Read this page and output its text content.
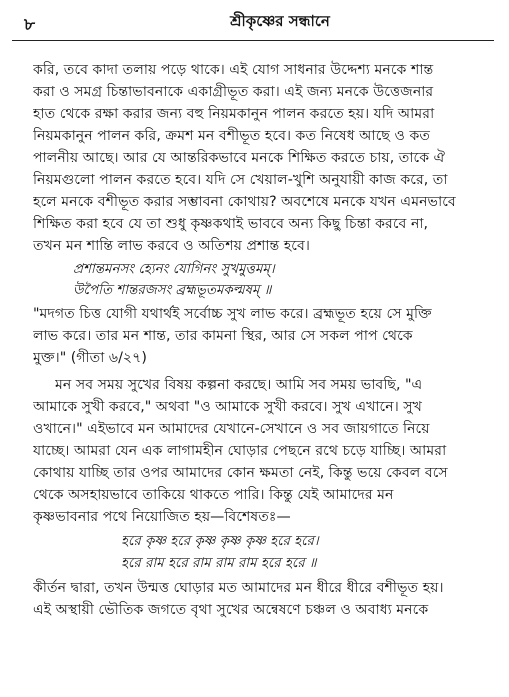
৮	শ্রীকৃষ্ণের সন্ধানে
করি, তবে কাদা তলায় পড়ে থাকে। এই যোগ সাধনার উদ্দেশ্য মনকে শান্ত
করা ও সমগ্র চিন্তাভাবনাকে একাগ্রীভূত করা। এই জন্য মনকে উত্তেজনার
হাত থেকে রক্ষা করার জন্য বহু নিয়মকানুন পালন করতে হয়। যদি আমরা
নিয়মকানুন পালন করি, ক্রমশ মন বশীভূত হবে। কত নিষেধ আছে ও কত
পালনীয় আছে। আর যে আন্তরিকভাবে মনকে শিক্ষিত করতে চায়, তাকে ঐ
নিয়মগুলো পালন করতে হবে। যদি সে খেয়াল-খুশি অনুযায়ী কাজ করে, তা
হলে মনকে বশীভূত করার সম্ভাবনা কোথায়? অবশেষে মনকে যখন এমনভাবে
শিক্ষিত করা হবে যে তা শুধু কৃষ্ণকথাই ভাববে অন্য কিছু চিন্তা করবে না,
তখন মন শান্তি লাভ করবে ও অতিশয় প্রশান্ত হবে।
প্রশান্তমনসং হ্যেনং যোগিনং সুখমুত্তমম্।
উপৈতি শান্তরজসং ব্রহ্মভূতমকল্মষম্ ॥
"মদগত চিত্ত যোগী যথার্থই সর্বোচ্চ সুখ লাভ করে। ব্রহ্মভূত হয়ে সে মুক্তি
লাভ করে। তার মন শান্ত, তার কামনা স্থির, আর সে সকল পাপ থেকে
মুক্ত।" (গীতা ৬/২৭)
মন সব সময় সুখের বিষয় কল্পনা করছে। আমি সব সময় ভাবছি, "এ
আমাকে সুখী করবে," অথবা "ও আমাকে সুখী করবে। সুখ এখানে। সুখ
ওখানে।" এইভাবে মন আমাদের যেখানে-সেখানে ও সব জায়গাতে নিয়ে
যাচ্ছে। আমরা যেন এক লাগামহীন ঘোড়ার পেছনে রথে চড়ে যাচ্ছি। আমরা
কোথায় যাচ্ছি তার ওপর আমাদের কোন ক্ষমতা নেই, কিন্তু ভয়ে কেবল বসে
থেকে অসহায়ভাবে তাকিয়ে থাকতে পারি। কিন্তু যেই আমাদের মন
কৃষ্ণভাবনার পথে নিয়োজিত হয়—বিশেষতঃ—
হরে কৃষ্ণ হরে কৃষ্ণ কৃষ্ণ কৃষ্ণ হরে হরে।
হরে রাম হরে রাম রাম রাম হরে হরে ॥
কীর্তন দ্বারা, তখন উন্মত্ত ঘোড়ার মত আমাদের মন ধীরে ধীরে বশীভূত হয়।
এই অস্থায়ী ভৌতিক জগতে বৃথা সুখের অন্বেষণে চঞ্চল ও অবাধ্য মনকে
